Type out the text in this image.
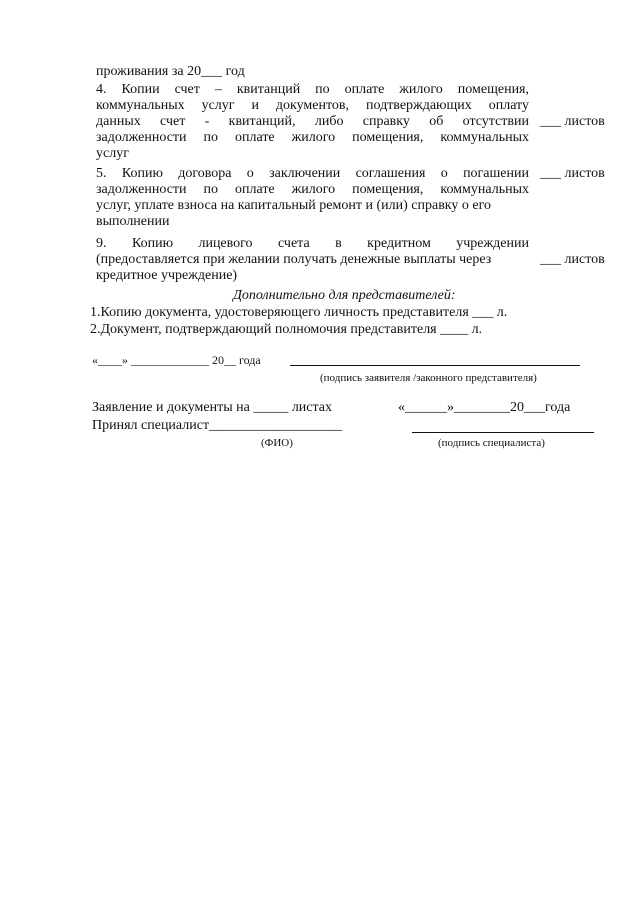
проживания за 20___ год
4. Копии счет – квитанций по оплате жилого помещения,
коммунальных услуг и документов, подтверждающих оплату
данных счет - квитанций, либо справку об отсутствии
задолженности по оплате жилого помещения, коммунальных
услуг
___ листов
5. Копию договора о заключении соглашения о погашении
задолженности по оплате жилого помещения, коммунальных
услуг, уплате взноса на капитальный ремонт и (или) справку о его
выполнении
___ листов
9. Копию лицевого счета в кредитном учреждении
(предоставляется при желании получать денежные выплаты через
кредитное учреждение)
___ листов
Дополнительно для представителей:
1.Копию документа, удостоверяющего личность представителя ___ л.
2.Документ, подтверждающий полномочия представителя ____ л.
«____» _____________ 20__ года
(подпись заявителя /законного представителя)
Заявление и документы на _____ листах	«______»________20___года
Принял специалист___________________
(ФИО)	(подпись специалиста)
